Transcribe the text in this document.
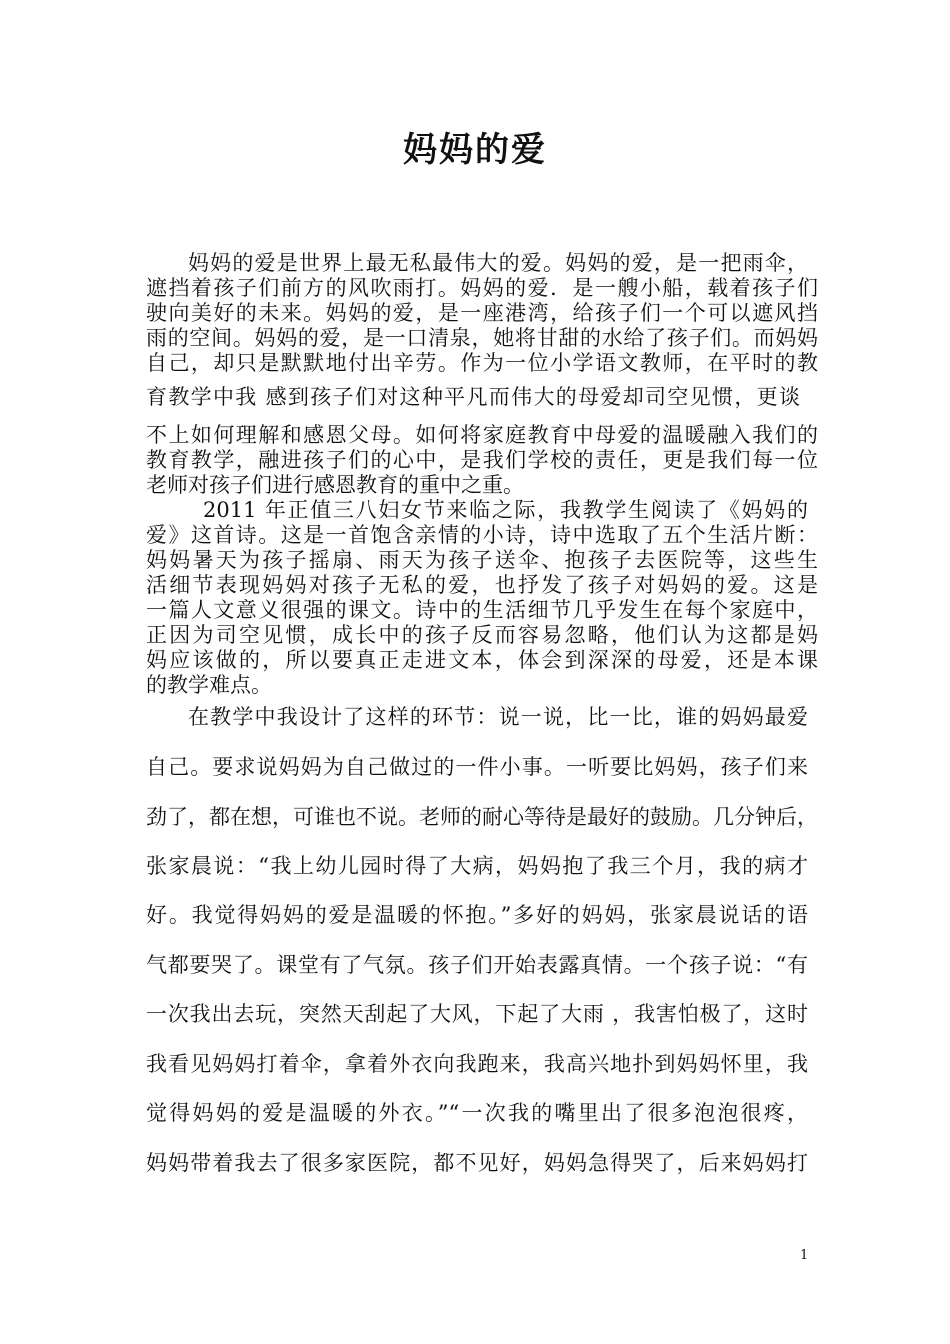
妈妈的爱
妈妈的爱是世界上最无私最伟大的爱。妈妈的爱，是一把雨伞，
遮挡着孩子们前方的风吹雨打。妈妈的爱．是一艘小船，载着孩子们
驶向美好的未来。妈妈的爱，是一座港湾，给孩子们一个可以遮风挡
雨的空间。妈妈的爱，是一口清泉，她将甘甜的水给了孩子们。而妈妈
自己，却只是默默地付出辛劳。作为一位小学语文教师，在平时的教
育教学中我 感到孩子们对这种平凡而伟大的母爱却司空见惯，更谈
不上如何理解和感恩父母。如何将家庭教育中母爱的温暖融入我们的
教育教学，融进孩子们的心中，是我们学校的责任，更是我们每一位
老师对孩子们进行感恩教育的重中之重。
2011 年正值三八妇女节来临之际，我教学生阅读了《妈妈的
爱》这首诗。这是一首饱含亲情的小诗，诗中选取了五个生活片断：
妈妈暑天为孩子摇扇、雨天为孩子送伞、抱孩子去医院等，这些生
活细节表现妈妈对孩子无私的爱，也抒发了孩子对妈妈的爱。这是
一篇人文意义很强的课文。诗中的生活细节几乎发生在每个家庭中，
正因为司空见惯，成长中的孩子反而容易忽略，他们认为这都是妈
妈应该做的，所以要真正走进文本，体会到深深的母爱，还是本课
的教学难点。
在教学中我设计了这样的环节：说一说，比一比，谁的妈妈最爱
自己。要求说妈妈为自己做过的一件小事。一听要比妈妈，孩子们来
劲了，都在想，可谁也不说。老师的耐心等待是最好的鼓励。几分钟后，
张家晨说：“我上幼儿园时得了大病，妈妈抱了我三个月，我的病才
好。我觉得妈妈的爱是温暖的怀抱。”多好的妈妈，张家晨说话的语
气都要哭了。课堂有了气氛。孩子们开始表露真情。一个孩子说：“有
一次我出去玩，突然天刮起了大风，下起了大雨 ，我害怕极了，这时
我看见妈妈打着伞，拿着外衣向我跑来，我高兴地扑到妈妈怀里，我
觉得妈妈的爱是温暖的外衣。”“一次我的嘴里出了很多泡泡很疼，
妈妈带着我去了很多家医院，都不见好，妈妈急得哭了，后来妈妈打
1
